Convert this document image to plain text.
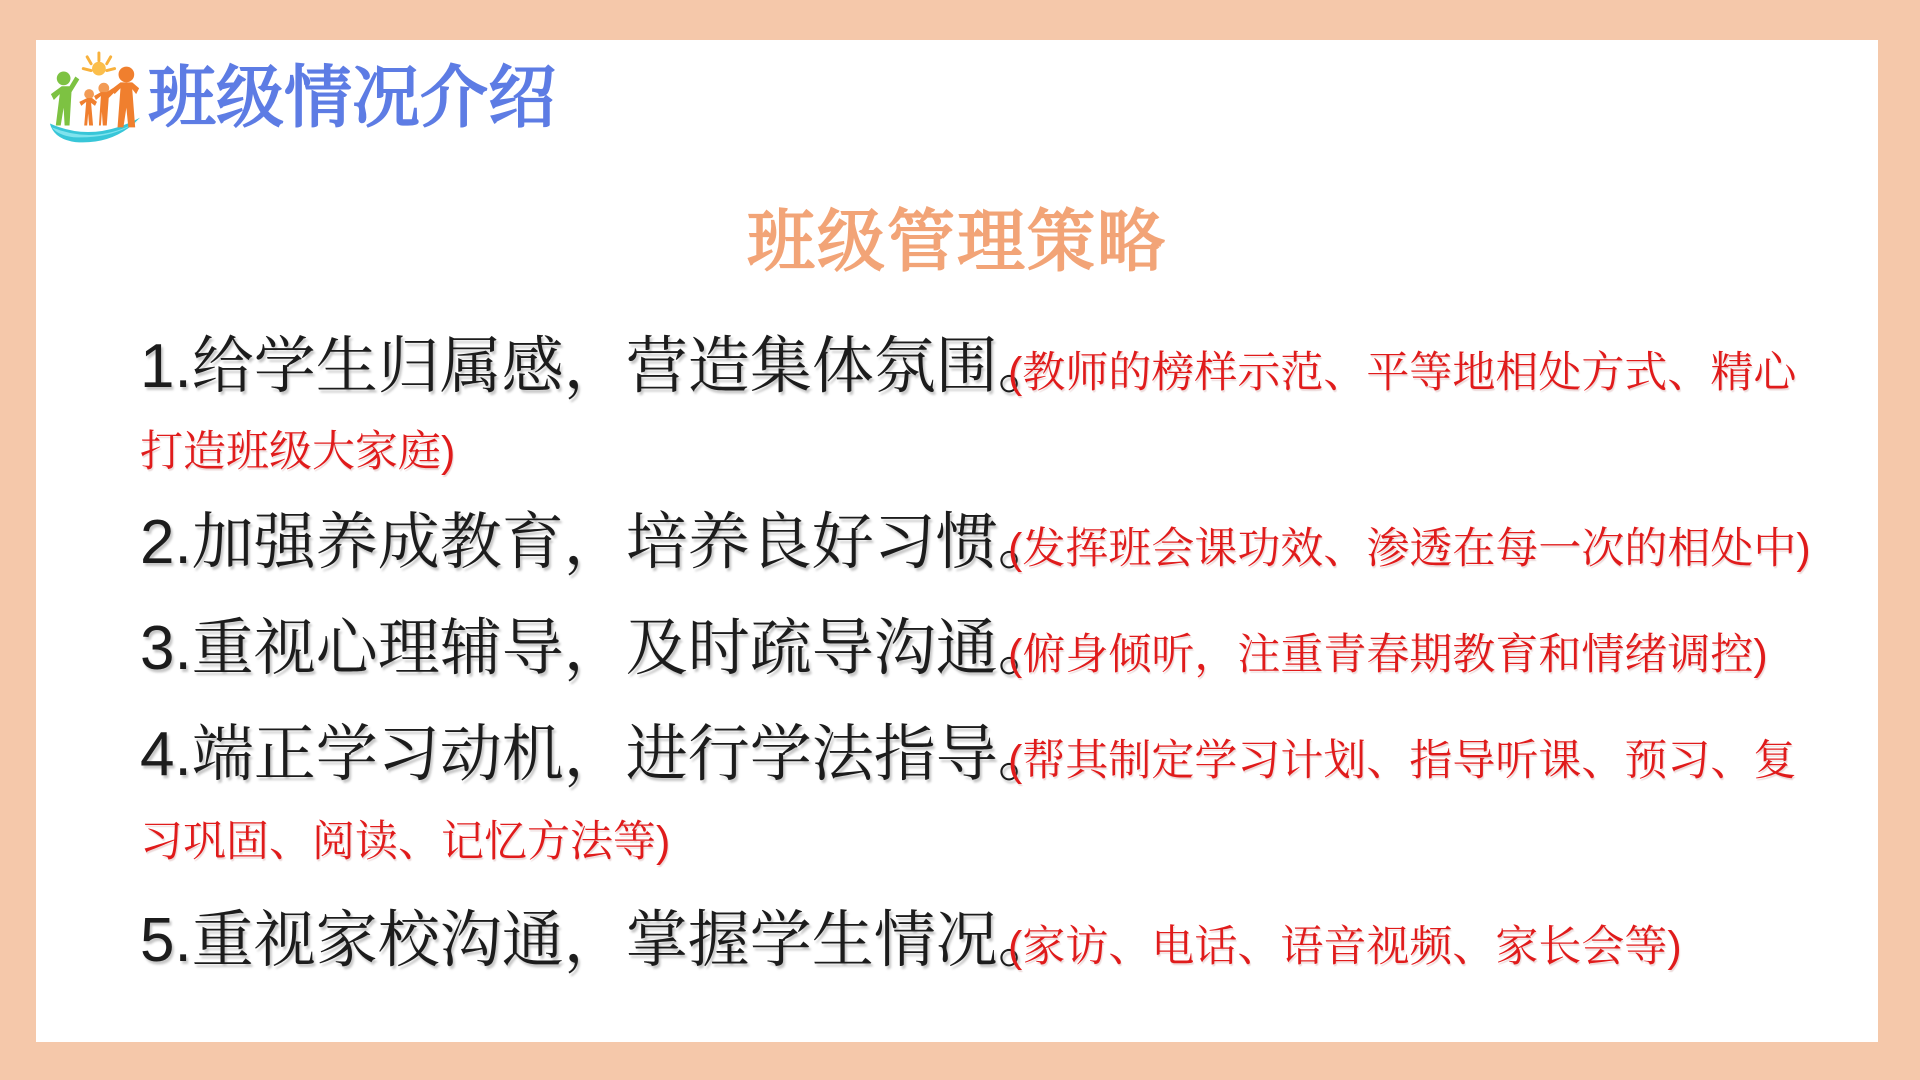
班级情况介绍
班级管理策略
1.给学生归属感，营造集体氛围。
(教师的榜样示范、平等地相处方式、精心
打造班级大家庭)
2.加强养成教育，培养良好习惯。
(发挥班会课功效、渗透在每一次的相处中)
3.重视心理辅导，及时疏导沟通。
(俯身倾听，注重青春期教育和情绪调控)
4.端正学习动机，进行学法指导。
(帮其制定学习计划、指导听课、预习、复
习巩固、阅读、记忆方法等)
5.重视家校沟通，掌握学生情况。
(家访、电话、语音视频、家长会等)
